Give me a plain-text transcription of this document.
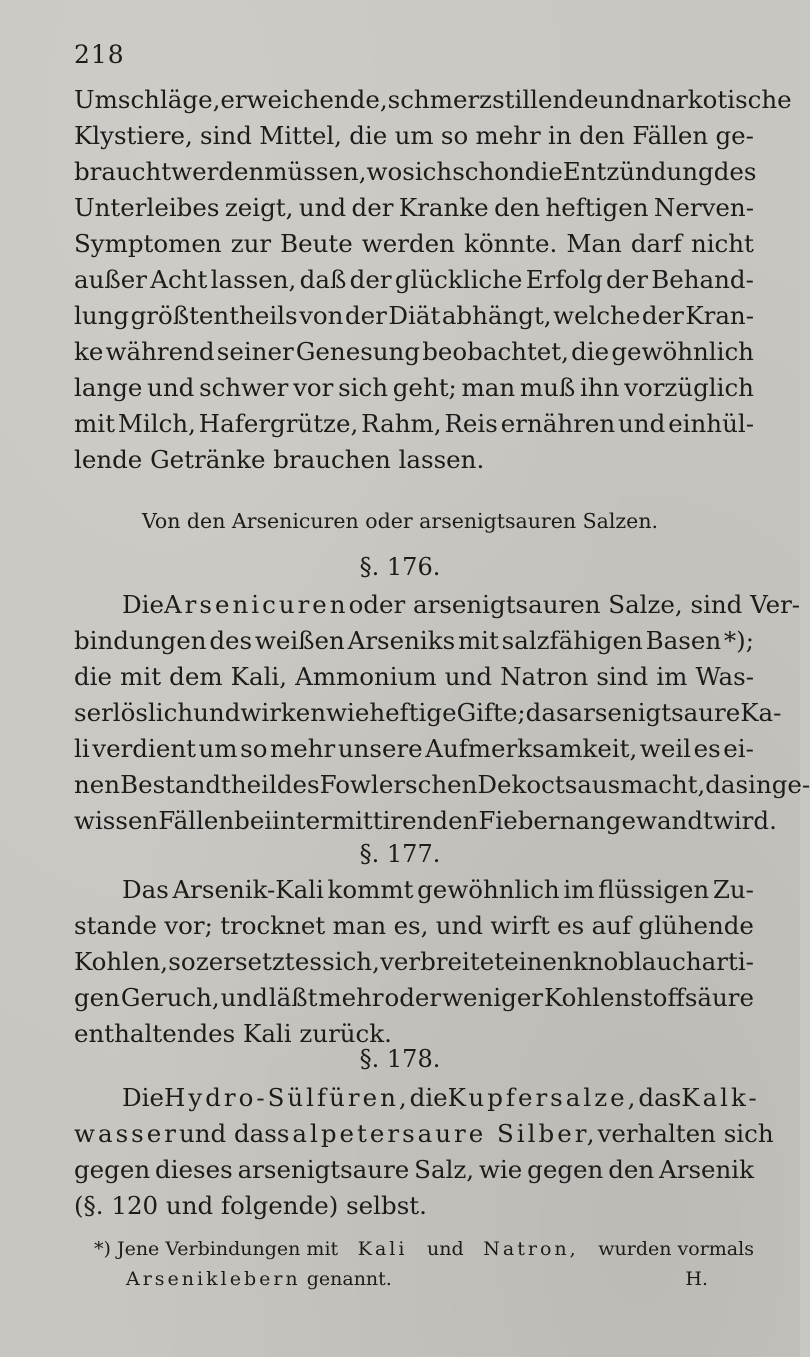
218
Umschläge, erweichende, schmerzstillende und narkotische
Klystiere, sind Mittel, die um so mehr in den Fällen ge-
braucht werden müssen, wo sich schon die Entzündung des
Unterleibes zeigt, und der Kranke den heftigen Nerven-
Symptomen zur Beute werden könnte. Man darf nicht
außer Acht lassen, daß der glückliche Erfolg der Behand-
lung größtentheils von der Diät abhängt, welche der Kran-
ke während seiner Genesung beobachtet, die gewöhnlich
lange und schwer vor sich geht; man muß ihn vorzüglich
mit Milch, Hafergrütze, Rahm, Reis ernähren und einhül-
lende Getränke brauchen lassen.
Von den Arsenicuren oder arsenigtsauren Salzen.
§. 176.
Die Arsenicuren oder arsenigtsauren Salze, sind Ver-
bindungen des weißen Arseniks mit salzfähigen Basen *);
die mit dem Kali, Ammonium und Natron sind im Was-
ser löslich und wirken wie heftige Gifte; das arsenigtsaure Ka-
li verdient um so mehr unsere Aufmerksamkeit, weil es ei-
nen Bestandtheil des Fowlerschen Dekocts ausmacht, das in ge-
wissen Fällen bei intermittirenden Fiebern angewandt wird.
§. 177.
Das Arsenik-Kali kommt gewöhnlich im flüssigen Zu-
stande vor; trocknet man es, und wirft es auf glühende
Kohlen, so zersetzt es sich, verbreitet einen knoblaucharti-
gen Geruch, und läßt mehr oder weniger Kohlenstoffsäure
enthaltendes Kali zurück.
§. 178.
Die Hydro-Sülfüren, die Kupfersalze, das Kalk-
wasser und das salpetersaure Silber, verhalten sich
gegen dieses arsenigtsaure Salz, wie gegen den Arsenik
(§. 120 und folgende) selbst.
*) Jene Verbindungen mit Kali und Natron, wurden vormals
Arseniklebern genannt.	H.
